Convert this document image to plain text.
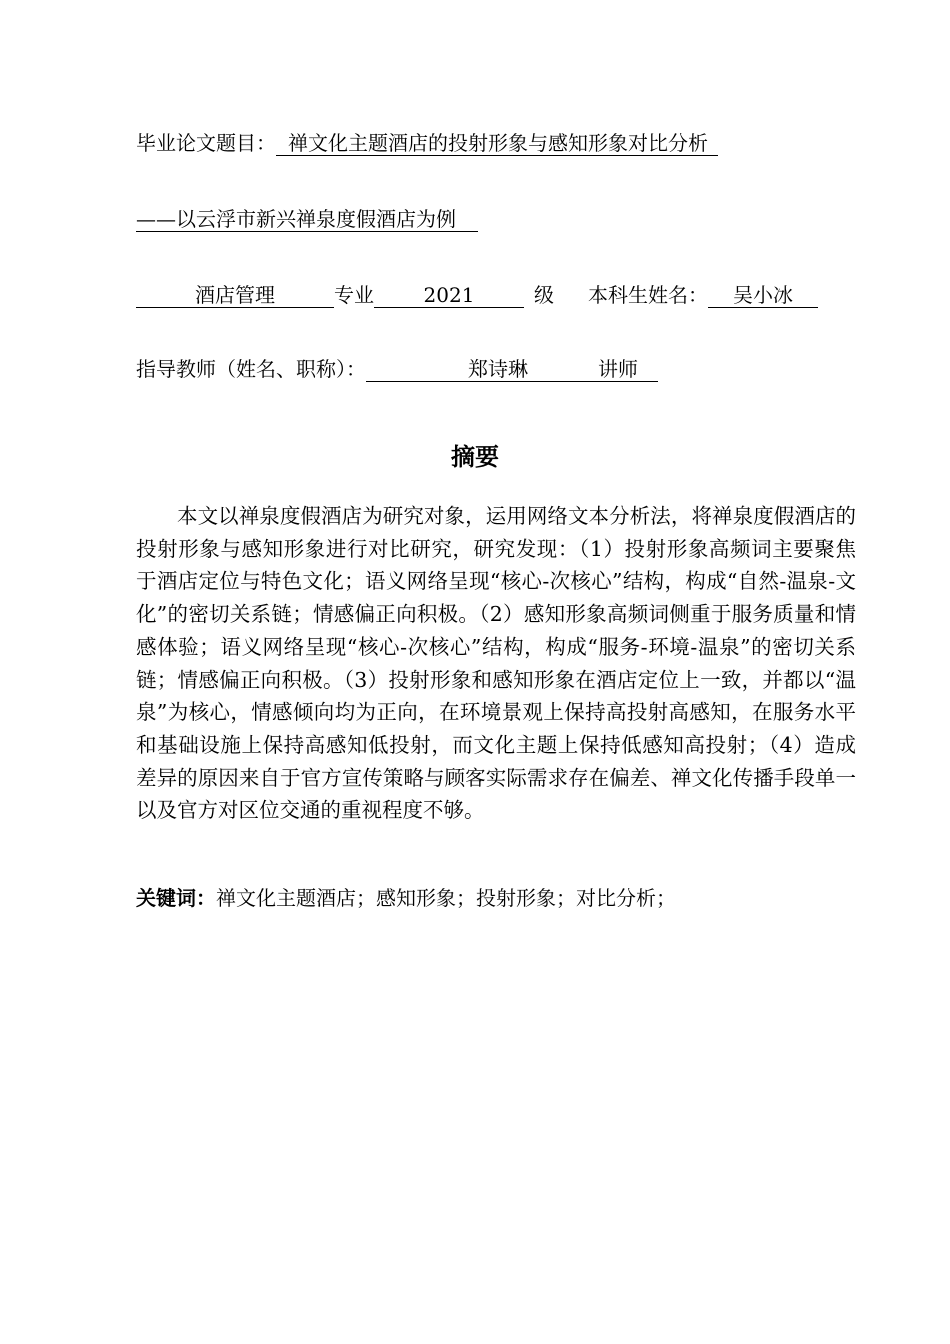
毕业论文题目： 禅文化主题酒店的投射形象与感知形象对比分析
——以云浮市新兴禅泉度假酒店为例
酒店管理	专业 2021	级 本科生姓名： 吴小冰
指导教师（姓名、职称）：	郑诗琳	讲师
摘要

本文以禅泉度假酒店为研究对象，运用网络文本分析法，将禅泉度假酒店的投射形象与感知形象进行对比研究，研究发现：（1）投射形象高频词主要聚焦于酒店定位与特色文化；语义网络呈现“核心-次核心”结构，构成“自然-温泉-文化”的密切关系链；情感偏正向积极。（2）感知形象高频词侧重于服务质量和情感体验；语义网络呈现“核心-次核心”结构，构成“服务-环境-温泉”的密切关系链；情感偏正向积极。（3）投射形象和感知形象在酒店定位上一致，并都以“温泉”为核心，情感倾向均为正向，在环境景观上保持高投射高感知，在服务水平和基础设施上保持高感知低投射，而文化主题上保持低感知高投射；（4）造成差异的原因来自于官方宣传策略与顾客实际需求存在偏差、禅文化传播手段单一以及官方对区位交通的重视程度不够。

关键词：禅文化主题酒店；感知形象；投射形象；对比分析；
